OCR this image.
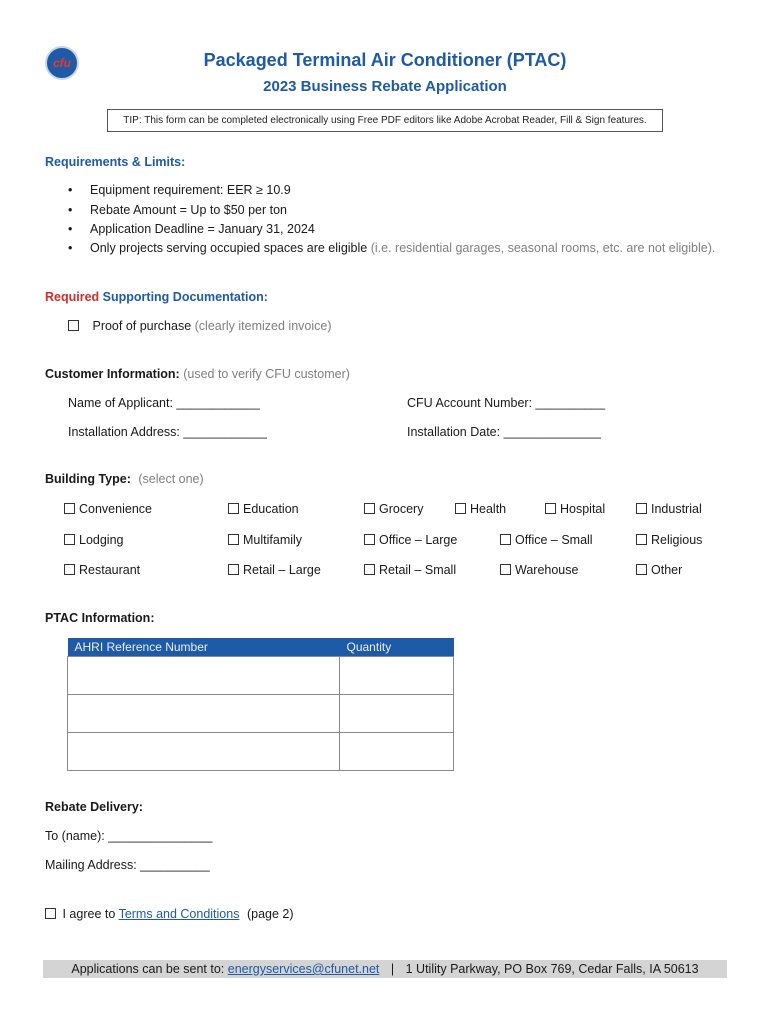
cfu	Packaged Terminal Air Conditioner (PTAC)
2023 Business Rebate Application
TIP: This form can be completed electronically using Free PDF editors like Adobe Acrobat Reader, Fill & Sign features.
Requirements & Limits:
• Equipment requirement: EER ≥ 10.9
• Rebate Amount = Up to $50 per ton
• Application Deadline = January 31, 2024
• Only projects serving occupied spaces are eligible (i.e. residential garages, seasonal rooms, etc. are not eligible).
Required Supporting Documentation:
Proof of purchase (clearly itemized invoice)
Customer Information: (used to verify CFU customer)
Name of Applicant: ____________	CFU Account Number: __________
Installation Address: ____________	Installation Date: ______________
Building Type: (select one)
Convenience	Education	Grocery	Health	Hospital	Industrial
Lodging	Multifamily	Office – Large	Office – Small	Religious
Restaurant	Retail – Large	Retail – Small	Warehouse	Other
PTAC Information:
AHRI Reference Number	Quantity

Rebate Delivery:
To (name): _______________
Mailing Address: __________
I agree to Terms and Conditions (page 2)
Applications can be sent to: energyservices@cfunet.net | 1 Utility Parkway, PO Box 769, Cedar Falls, IA 50613
